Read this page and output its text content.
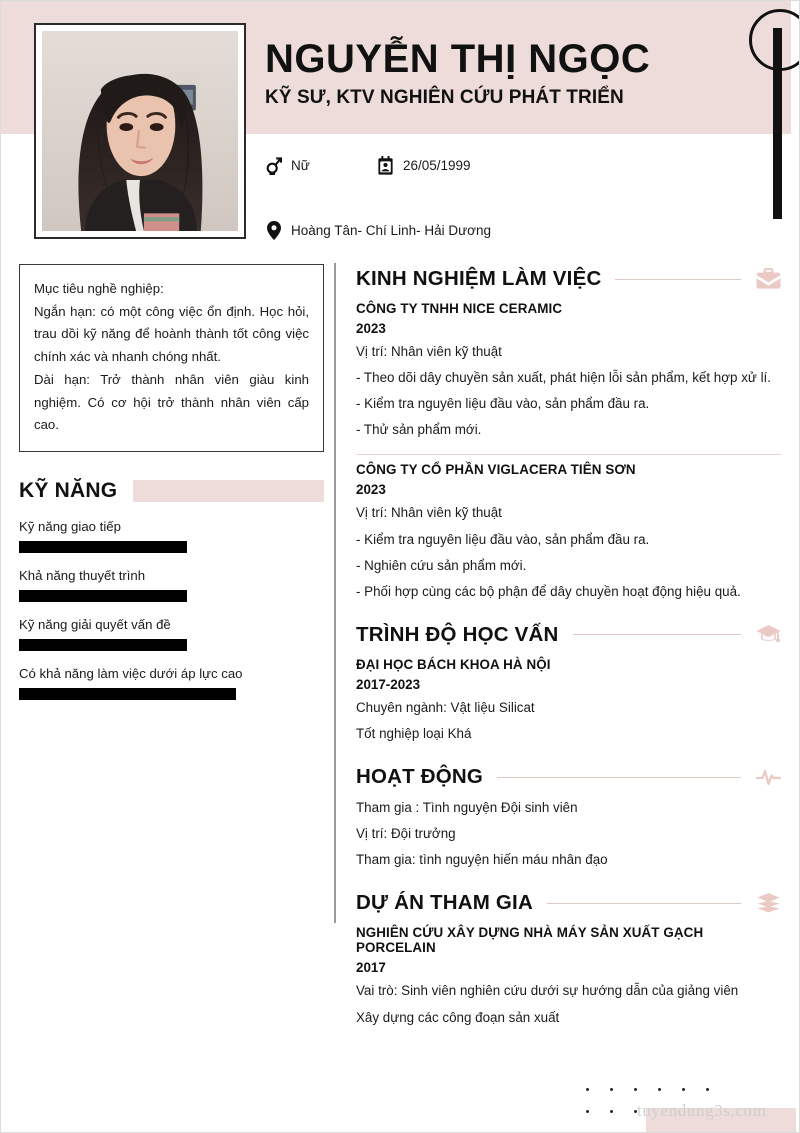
NGUYỄN THỊ NGỌC

KỸ SƯ, KTV NGHIÊN CỨU PHÁT TRIỂN

Nữ	26/05/1999
Hoàng Tân- Chí Linh- Hải Dương

Mục tiêu nghề nghiệp:

Ngắn hạn: có một công việc ổn định. Học hỏi, trau dồi kỹ năng để hoành thành tốt công việc chính xác và nhanh chóng nhất.

Dài hạn: Trở thành nhân viên giàu kinh nghiệm. Có cơ hội trở thành nhân viên cấp cao.

KỸ NĂNG

Kỹ năng giao tiếp

Khả năng thuyết trình

Kỹ năng giải quyết vấn đề

Có khả năng làm việc dưới áp lực cao

KINH NGHIỆM LÀM VIỆC

CÔNG TY TNHH NICE CERAMIC

2023

Vị trí: Nhân viên kỹ thuật

- Theo dõi dây chuyền sản xuất, phát hiện lỗi sản phẩm, kết hợp xử lí.

- Kiểm tra nguyên liệu đầu vào, sản phẩm đầu ra.

- Thử sản phẩm mới.

CÔNG TY CỔ PHẦN VIGLACERA TIÊN SƠN

2023

Vị trí: Nhân viên kỹ thuật

- Kiểm tra nguyên liệu đầu vào, sản phẩm đầu ra.

- Nghiên cứu sản phẩm mới.

- Phối hợp cùng các bộ phận để dây chuyền hoạt động hiệu quả.

TRÌNH ĐỘ HỌC VẤN

ĐẠI HỌC BÁCH KHOA HÀ NỘI

2017-2023

Chuyên ngành: Vật liệu Silicat

Tốt nghiệp loại Khá

HOẠT ĐỘNG

Tham gia : Tình nguyện Đội sinh viên

Vị trí: Đội trưởng

Tham gia: tình nguyện hiến máu nhân đạo

DỰ ÁN THAM GIA

NGHIÊN CỨU XÂY DỰNG NHÀ MÁY SẢN XUẤT GẠCH PORCELAIN

2017

Vai trò: Sinh viên nghiên cứu dưới sự hướng dẫn của giảng viên

Xây dựng các công đoạn sản xuất

tuyendung3s.com
